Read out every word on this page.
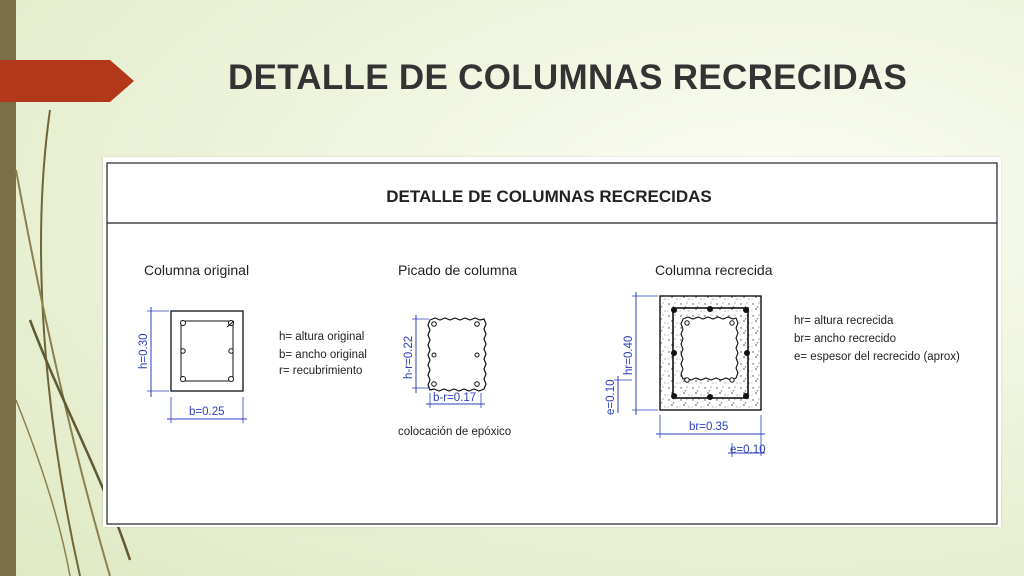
DETALLE DE COLUMNAS RECRECIDAS
DETALLE DE COLUMNAS RECRECIDAS
Columna original
h=0.30
b=0.25
h= altura original
b= ancho original
r= recubrimiento
Picado de columna
h-r=0.22
b-r=0.17
colocación de epóxico
Columna recrecida
hr=0.40
e=0.10
br=0.35
e=0.10
hr= altura recrecida
br= ancho recrecido
e= espesor del recrecido (aprox)
